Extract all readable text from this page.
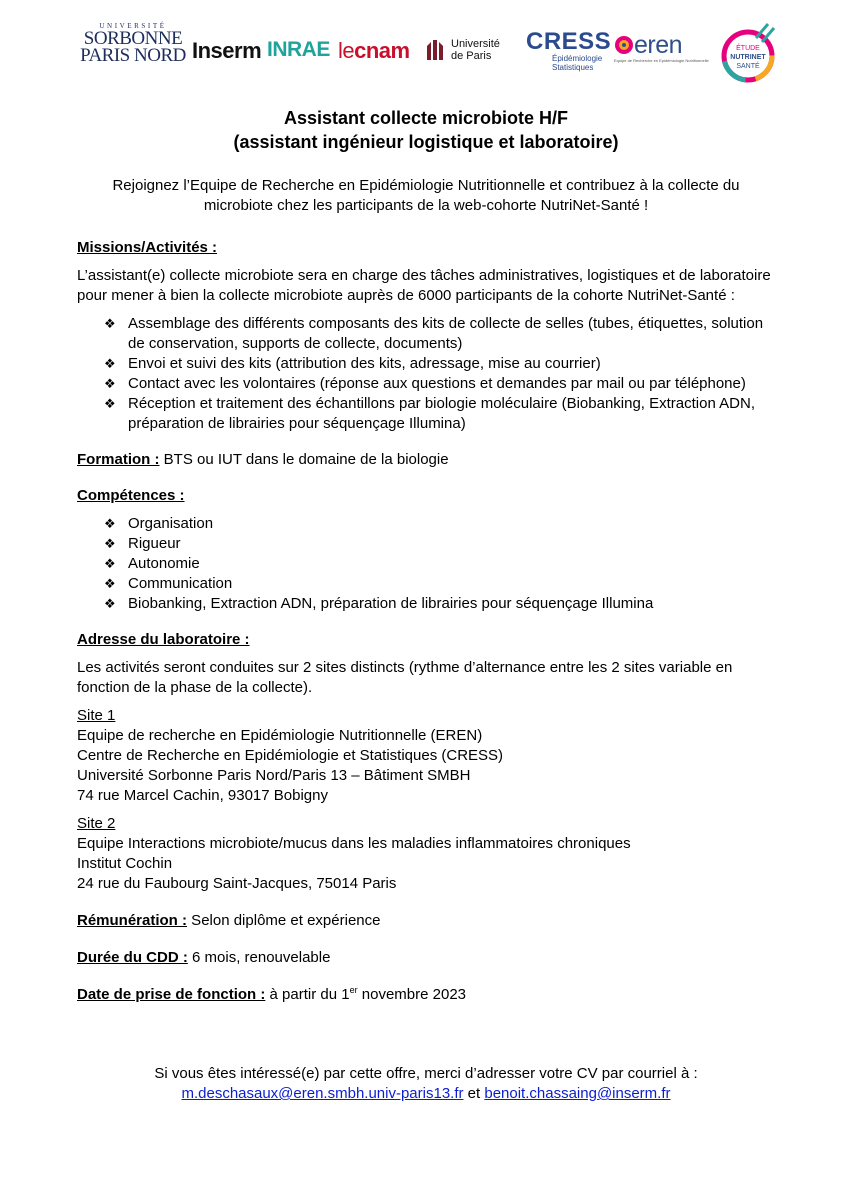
UNIVERSITÉ
SORBONNE
PARIS NORD Inserm INRAE le cnam	Université
de Paris
CRESS
Épidémiologie
Statistiques
eren
Equipe de Recherche en Epidémiologie Nutritionnelle
ÉTUDE
NUTRINET
SANTÉ
Assistant collecte microbiote H/F
(assistant ingénieur logistique et laboratoire)
Rejoignez l’Equipe de Recherche en Epidémiologie Nutritionnelle et contribuez à la collecte du microbiote chez les participants de la web-cohorte NutriNet-Santé !

Missions/Activités :

L’assistant(e) collecte microbiote sera en charge des tâches administratives, logistiques et de laboratoire pour mener à bien la collecte microbiote auprès de 6000 participants de la cohorte NutriNet-Santé :

❖ Assemblage des différents composants des kits de collecte de selles (tubes, étiquettes, solution de conservation, supports de collecte, documents)
❖ Envoi et suivi des kits (attribution des kits, adressage, mise au courrier)
❖ Contact avec les volontaires (réponse aux questions et demandes par mail ou par téléphone)
❖ Réception et traitement des échantillons par biologie moléculaire (Biobanking, Extraction ADN, préparation de librairies pour séquençage Illumina)

Formation : BTS ou IUT dans le domaine de la biologie

Compétences :

❖ Organisation
❖ Rigueur
❖ Autonomie
❖ Communication
❖ Biobanking, Extraction ADN, préparation de librairies pour séquençage Illumina

Adresse du laboratoire :

Les activités seront conduites sur 2 sites distincts (rythme d’alternance entre les 2 sites variable en fonction de la phase de la collecte).

Site 1

Equipe de recherche en Epidémiologie Nutritionnelle (EREN)

Centre de Recherche en Epidémiologie et Statistiques (CRESS)

Université Sorbonne Paris Nord/Paris 13 – Bâtiment SMBH

74 rue Marcel Cachin, 93017 Bobigny

Site 2

Equipe Interactions microbiote/mucus dans les maladies inflammatoires chroniques

Institut Cochin

24 rue du Faubourg Saint-Jacques, 75014 Paris

Rémunération : Selon diplôme et expérience

Durée du CDD : 6 mois, renouvelable

Date de prise de fonction : à partir du 1er novembre 2023

Si vous êtes intéressé(e) par cette offre, merci d’adresser votre CV par courriel à :
m.deschasaux@eren.smbh.univ-paris13.fr et benoit.chassaing@inserm.fr
